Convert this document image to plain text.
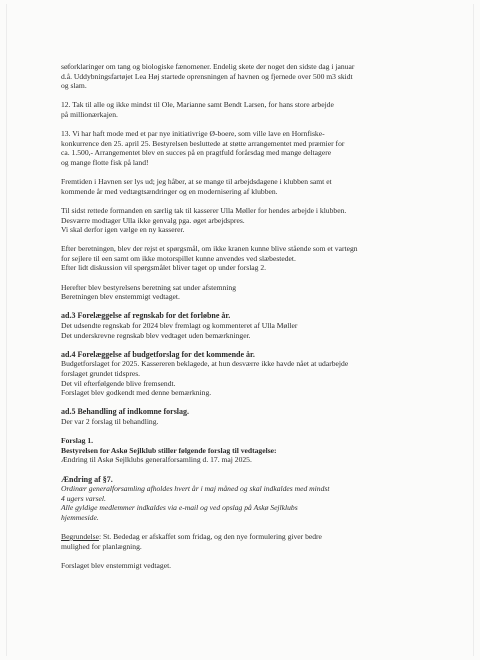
søforklaringer om tang og biologiske fænomener. Endelig skete der noget den sidste dag i januar
d.å. Uddybningsfartøjet Lea Høj startede oprensningen af havnen og fjernede over 500 m3 skidt
og slam.

12. Tak til alle og ikke mindst til Ole, Marianne samt Bendt Larsen, for hans store arbejde
på millionærkajen.

13. Vi har haft mode med et par nye initiativrige Ø-boere, som ville lave en Hornfiske-
konkurrence den 25. april 25. Bestyrelsen besluttede at støtte arrangementet med præmier for
ca. 1.500,- Arrangementet blev en succes på en pragtfuld forårsdag med mange deltagere
og mange flotte fisk på land!

Fremtiden i Havnen ser lys ud; jeg håber, at se mange til arbejdsdagene i klubben samt et
kommende år med vedtægtsændringer og en modernisering af klubben.

Til sidst rettede formanden en særlig tak til kasserer Ulla Møller for hendes arbejde i klubben.
Desværre modtager Ulla ikke genvalg pga. øget arbejdspres.
Vi skal derfor igen vælge en ny kasserer.

Efter beretningen, blev der rejst et spørgsmål, om ikke kranen kunne blive stående som et vartegn
for sejlere til een samt om ikke motorspillet kunne anvendes ved slæbestedet.
Efter lidt diskussion vil spørgsmålet bliver taget op under forslag 2.

Herefter blev bestyrelsens beretning sat under afstemning
Beretningen blev enstemmigt vedtaget.

ad.3 Forelæggelse af regnskab for det forløbne år.
Det udsendte regnskab for 2024 blev fremlagt og kommenteret af Ulla Møller
Det underskrevne regnskab blev vedtaget uden bemærkninger.

ad.4 Forelæggelse af budgetforslag for det kommende år.
Budgetforslaget for 2025. Kassereren beklagede, at hun desværre ikke havde nået at udarbejde
forslaget grundet tidspres.
Det vil efterfølgende blive fremsendt.
Forslaget blev godkendt med denne bemærkning.

ad.5 Behandling af indkomne forslag.
Der var 2 forslag til behandling.

Forslag 1.
Bestyrelsen for Askø Sejlklub stiller følgende forslag til vedtagelse:
Ændring til Askø Sejlklubs generalforsamling d. 17. maj 2025.

Ændring af §7.
Ordinær generalforsamling afholdes hvert år i maj måned og skal indkaldes med mindst
4 ugers varsel.
Alle gyldige medlemmer indkaldes via e-mail og ved opslag på Askø Sejlklubs
hjemmeside.

Begrundelse: St. Bededag er afskaffet som fridag, og den nye formulering giver bedre
mulighed for planlægning.

Forslaget blev enstemmigt vedtaget.
